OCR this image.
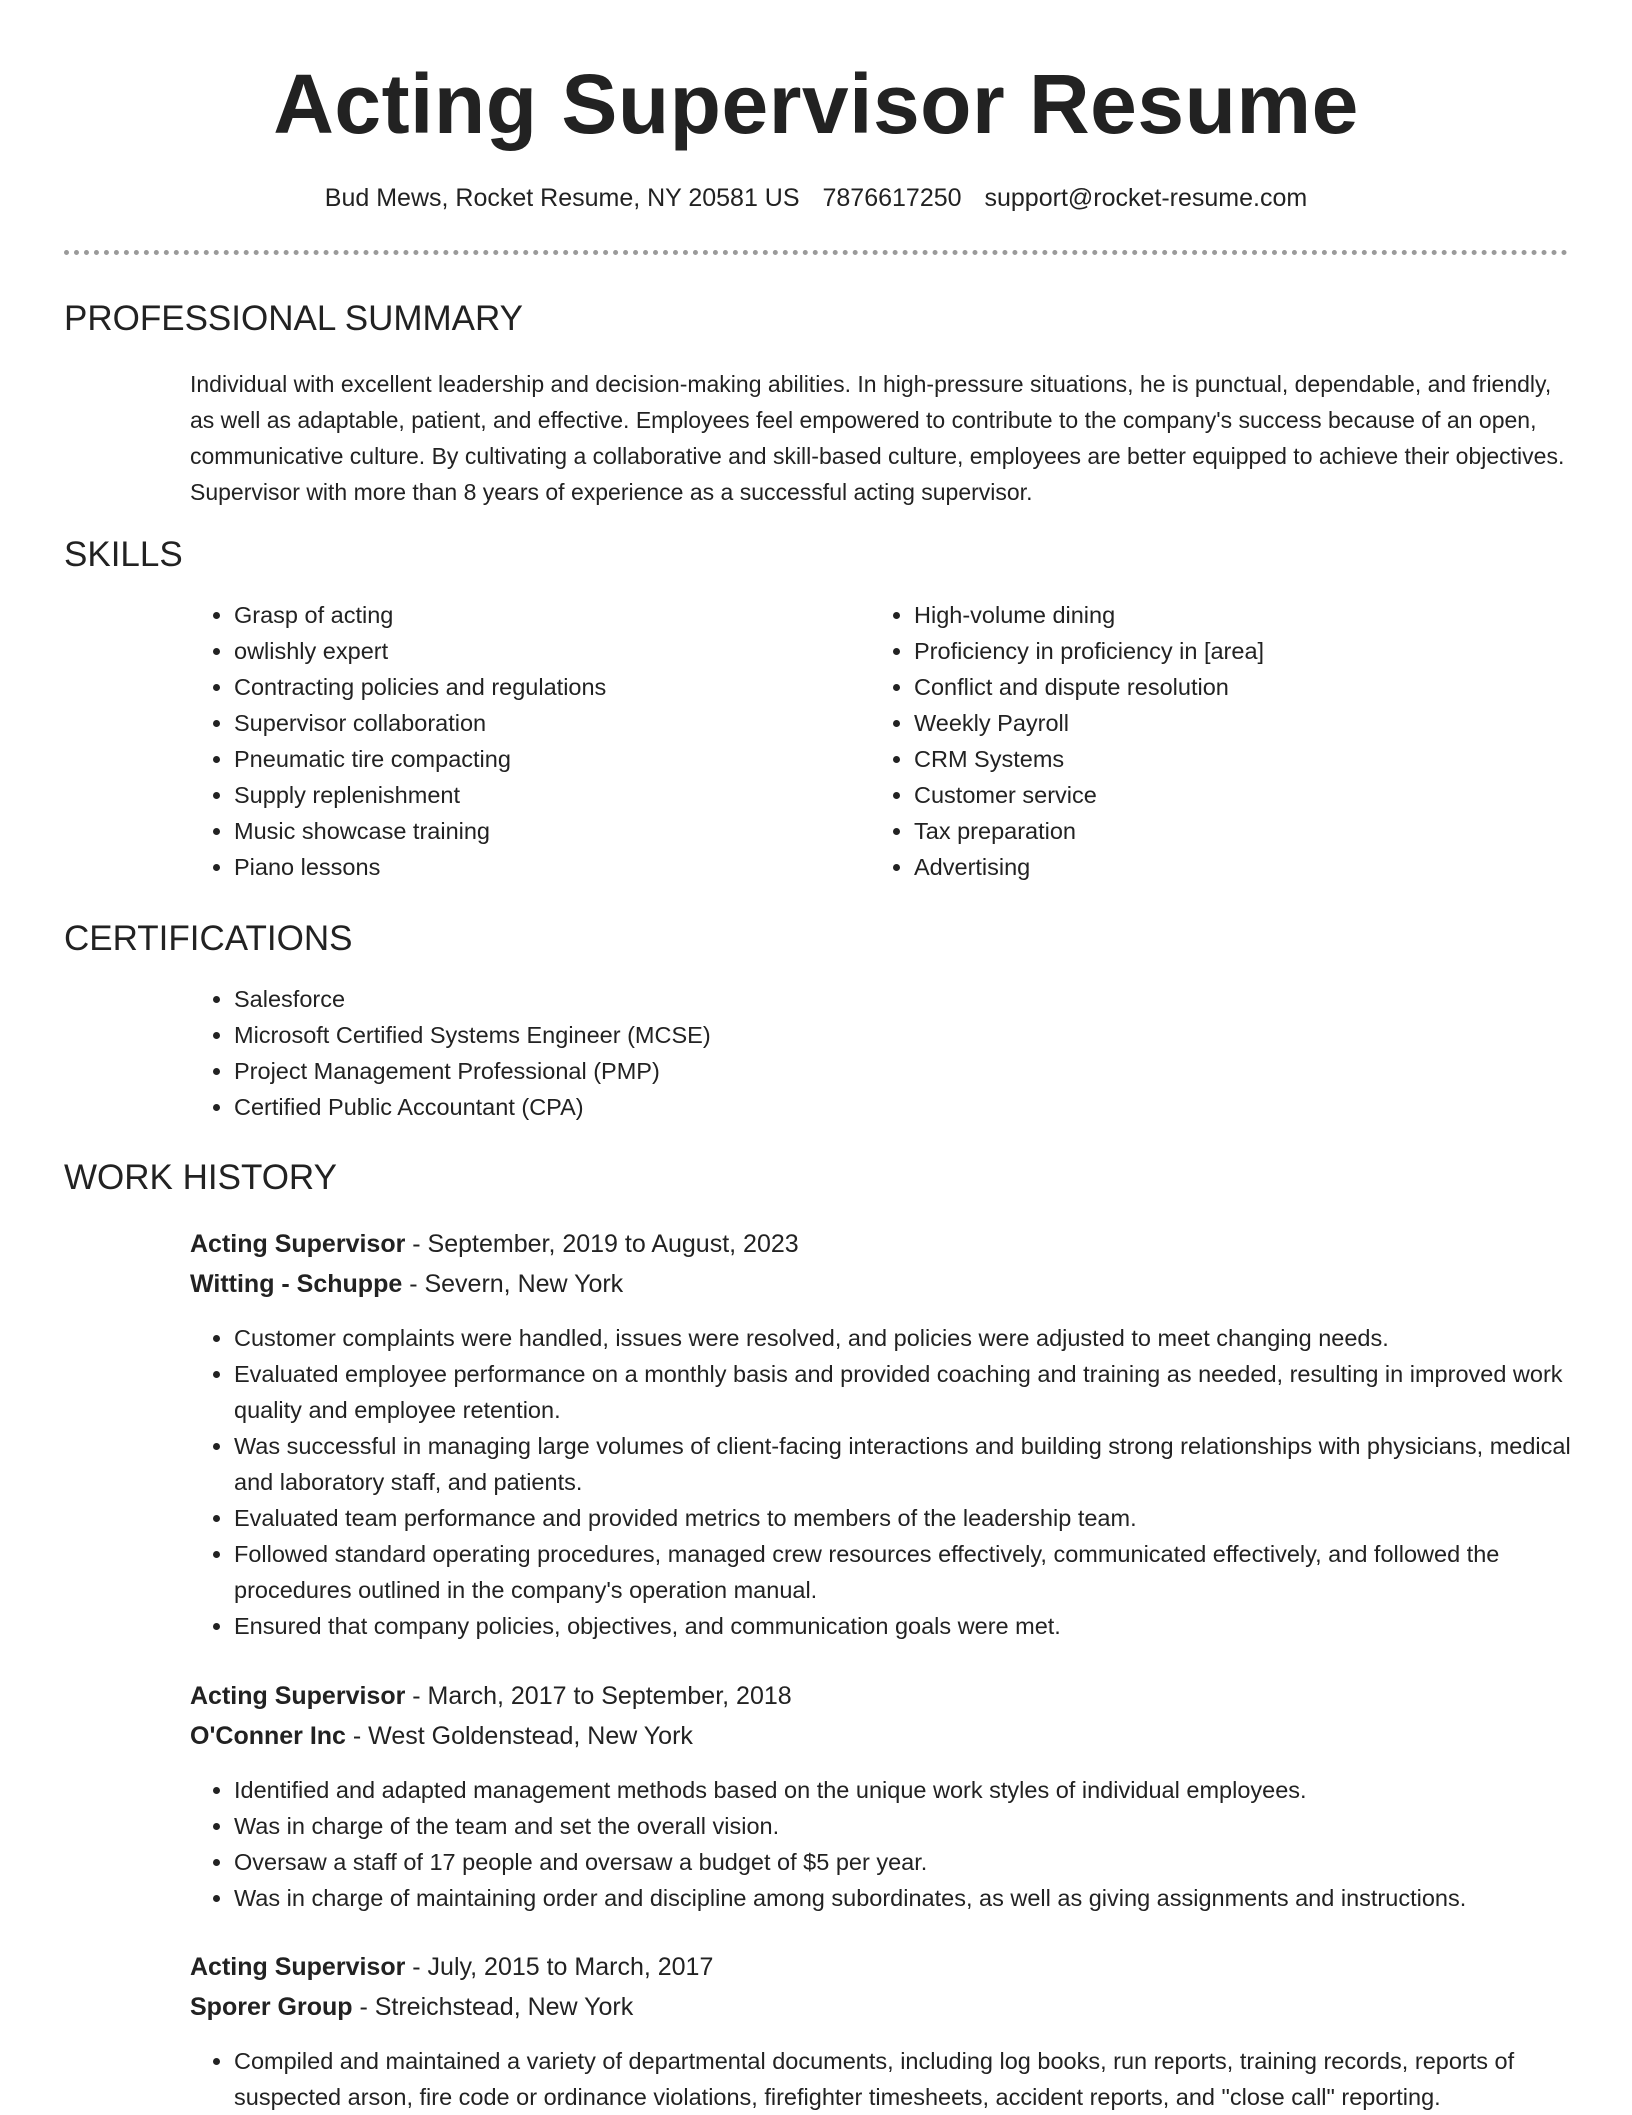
Acting Supervisor Resume
Bud Mews, Rocket Resume, NY 20581 US 7876617250 support@rocket-resume.com
PROFESSIONAL SUMMARY

Individual with excellent leadership and decision-making abilities. In high-pressure situations, he is punctual, dependable, and friendly, as well as adaptable, patient, and effective. Employees feel empowered to contribute to the company's success because of an open, communicative culture. By cultivating a collaborative and skill-based culture, employees are better equipped to achieve their objectives. Supervisor with more than 8 years of experience as a successful acting supervisor.

SKILLS
• Grasp of acting
• owlishly expert
• Contracting policies and regulations
• Supervisor collaboration
• Pneumatic tire compacting
• Supply replenishment
• Music showcase training
• Piano lessons
• High-volume dining
• Proficiency in proficiency in [area]
• Conflict and dispute resolution
• Weekly Payroll
• CRM Systems
• Customer service
• Tax preparation
• Advertising
CERTIFICATIONS
• Salesforce
• Microsoft Certified Systems Engineer (MCSE)
• Project Management Professional (PMP)
• Certified Public Accountant (CPA)
WORK HISTORY
Acting Supervisor - September, 2019 to August, 2023
Witting - Schuppe - Severn, New York
• Customer complaints were handled, issues were resolved, and policies were adjusted to meet changing needs.
• Evaluated employee performance on a monthly basis and provided coaching and training as needed, resulting in improved work quality and employee retention.
• Was successful in managing large volumes of client-facing interactions and building strong relationships with physicians, medical and laboratory staff, and patients.
• Evaluated team performance and provided metrics to members of the leadership team.
• Followed standard operating procedures, managed crew resources effectively, communicated effectively, and followed the procedures outlined in the company's operation manual.
• Ensured that company policies, objectives, and communication goals were met.
Acting Supervisor - March, 2017 to September, 2018
O'Conner Inc - West Goldenstead, New York
• Identified and adapted management methods based on the unique work styles of individual employees.
• Was in charge of the team and set the overall vision.
• Oversaw a staff of 17 people and oversaw a budget of $5 per year.
• Was in charge of maintaining order and discipline among subordinates, as well as giving assignments and instructions.
Acting Supervisor - July, 2015 to March, 2017
Sporer Group - Streichstead, New York
• Compiled and maintained a variety of departmental documents, including log books, run reports, training records, reports of suspected arson, fire code or ordinance violations, firefighter timesheets, accident reports, and "close call" reporting.
